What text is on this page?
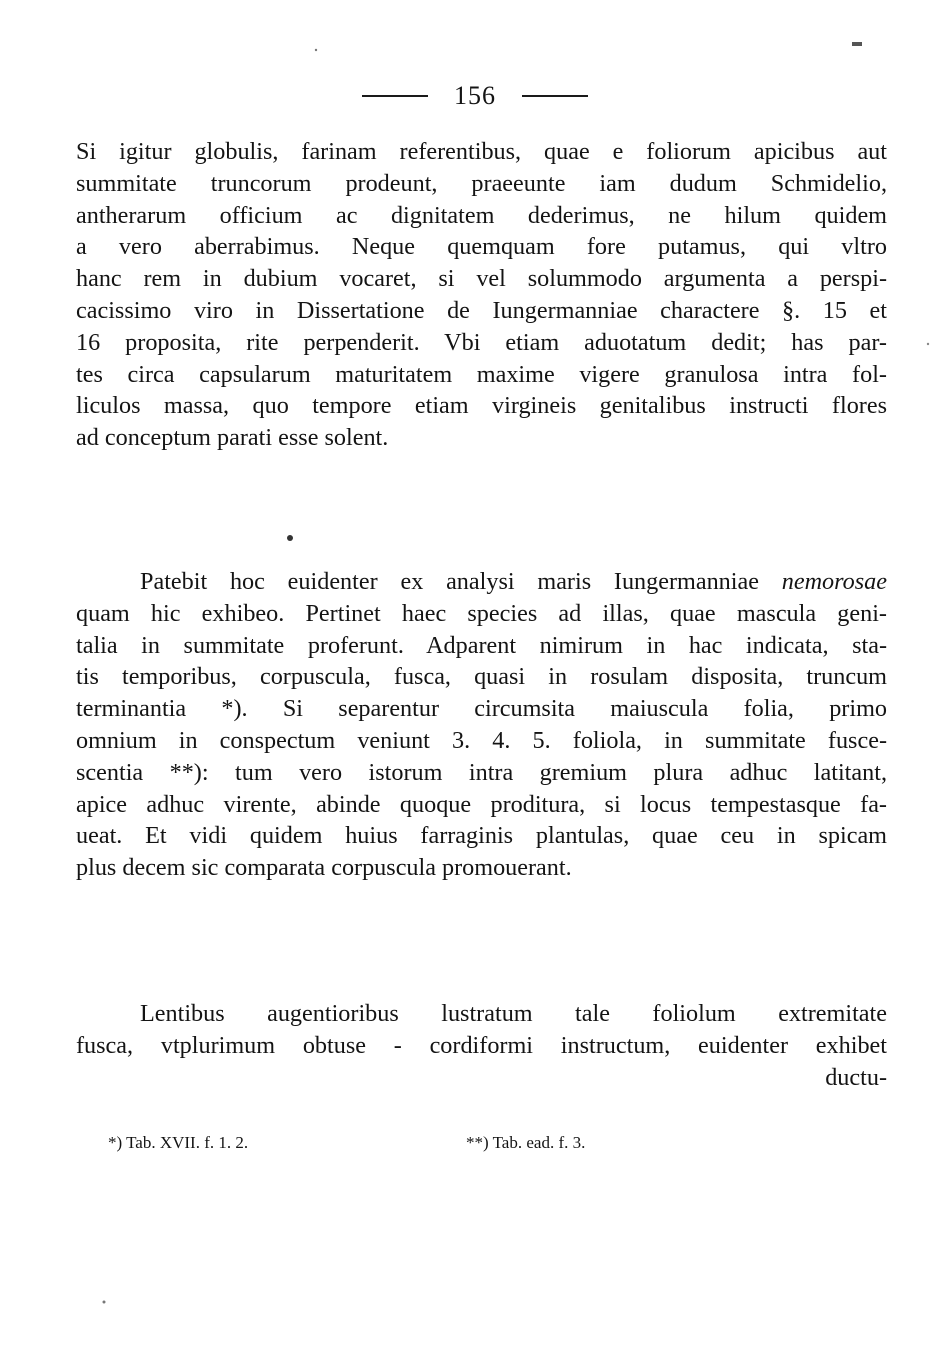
156

Si igitur globulis, farinam referentibus, quae e foliorum apicibus aut
summitate truncorum prodeunt, praeeunte iam dudum Schmidelio,
antherarum officium ac dignitatem dederimus, ne hilum quidem
a vero aberrabimus. Neque quemquam fore putamus, qui vltro
hanc rem in dubium vocaret, si vel solummodo argumenta a perspi-
cacissimo viro in Dissertatione de Iungermanniae charactere §. 15 et
16 proposita, rite perpenderit. Vbi etiam aduotatum dedit; has par-
tes circa capsularum maturitatem maxime vigere granulosa intra fol-
liculos massa, quo tempore etiam virgineis genitalibus instructi flores
ad conceptum parati esse solent.

Patebit hoc euidenter ex analysi maris Iungermanniae nemorosae
quam hic exhibeo. Pertinet haec species ad illas, quae mascula geni-
talia in summitate proferunt. Adparent nimirum in hac indicata, sta-
tis temporibus, corpuscula, fusca, quasi in rosulam disposita, truncum
terminantia *). Si separentur circumsita maiuscula folia, primo
omnium in conspectum veniunt 3. 4. 5. foliola, in summitate fusce-
scentia **): tum vero istorum intra gremium plura adhuc latitant,
apice adhuc virente, abinde quoque proditura, si locus tempestasque fa-
ueat. Et vidi quidem huius farraginis plantulas, quae ceu in spicam
plus decem sic comparata corpuscula promouerant.

Lentibus augentioribus lustratum tale foliolum extremitate
fusca, vtplurimum obtuse - cordiformi instructum, euidenter exhibet
ductu-

*) Tab. XVII. f. 1. 2.	**) Tab. ead. f. 3.
